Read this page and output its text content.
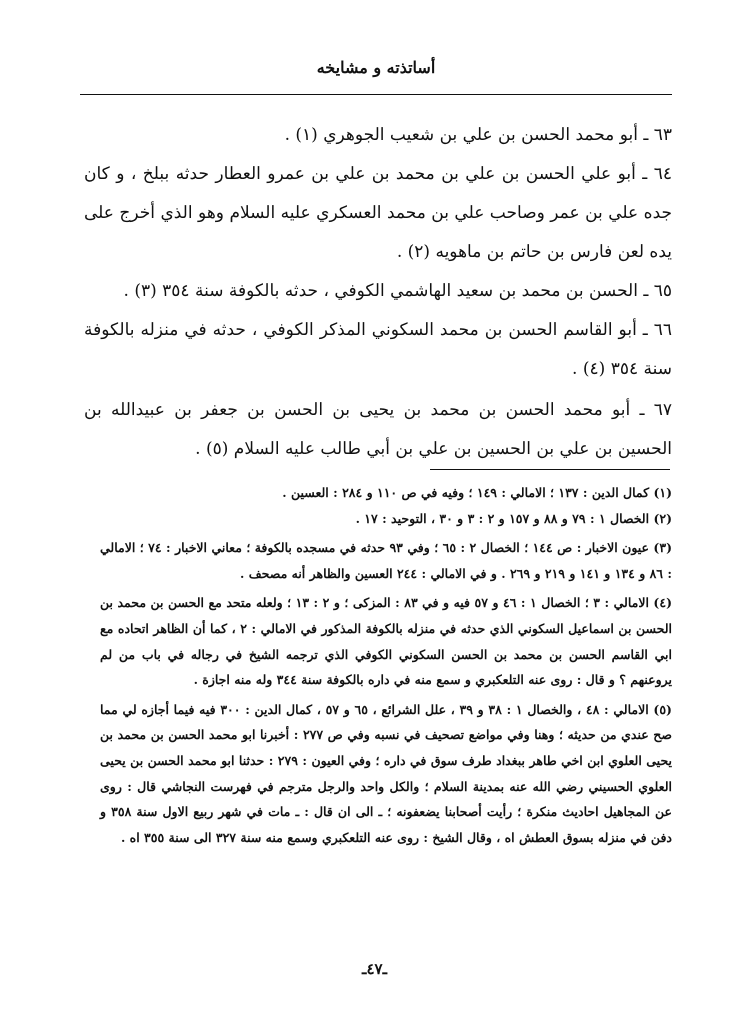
أساتذته و مشايخه

٦٣ ـ أبو محمد الحسن بن علي بن شعيب الجوهري (١) .

٦٤ ـ أبو علي الحسن بن علي بن محمد بن علي بن عمرو العطار حدثه ببلخ ، و كان جده علي بن عمر وصاحب علي بن محمد العسكري عليه السلام وهو الذي أخرج على يده لعن فارس بن حاتم بن ماهويه (٢) .

٦٥ ـ الحسن بن محمد بن سعيد الهاشمي الكوفي ، حدثه بالكوفة سنة ٣٥٤ (٣) .

٦٦ ـ أبو القاسم الحسن بن محمد السكوني المذكر الكوفي ، حدثه في منزله بالكوفة سنة ٣٥٤ (٤) .

٦٧ ـ أبو محمد الحسن بن محمد بن يحيى بن الحسن بن جعفر بن عبيدالله بن الحسين بن علي بن الحسين بن علي بن أبي طالب عليه السلام (٥) .

(١) كمال الدين : ١٣٧ ؛ الامالي : ١٤٩ ؛ وفيه في ص ١١٠ و ٢٨٤ : العسين .

(٢) الخصال ١ : ٧٩ و ٨٨ و ١٥٧ و ٢ : ٣ و ٣٠ ، التوحيد : ١٧ .

(٣) عيون الاخبار : ص ١٤٤ ؛ الخصال ٢ : ٦٥ ؛ وفي ٩٣ حدثه في مسجده بالكوفة ؛ معاني الاخبار : ٧٤ ؛ الامالي : ٨٦ و ١٣٤ و ١٤١ و ٢١٩ و ٢٦٩ . و في الامالي : ٢٤٤ العسين والظاهر أنه مصحف .

(٤) الامالي : ٣ ؛ الخصال ١ : ٤٦ و ٥٧ فيه و في ٨٣ : المزكى ؛ و ٢ : ١٣ ؛ ولعله متحد مع الحسن بن محمد بن الحسن بن اسماعيل السكوني الذي حدثه في منزله بالكوفة المذكور في الامالي : ٢ ، كما أن الظاهر اتحاده مع ابي القاسم الحسن بن محمد بن الحسن السكوني الكوفي الذي ترجمه الشيخ في رجاله في باب من لم يروعنهم ؟ و قال : روى عنه التلعكبري و سمع منه في داره بالكوفة سنة ٣٤٤ وله منه اجازة .

(٥) الامالي : ٤٨ ، والخصال ١ : ٣٨ و ٣٩ ، علل الشرائع ، ٦٥ و ٥٧ ، كمال الدين : ٣٠٠ فيه فيما أجازه لي مما صح عندي من حديثه ؛ وهنا وفي مواضع تصحيف في نسبه وفي ص ٢٧٧ : أخبرنا ابو محمد الحسن بن محمد بن يحيى العلوي ابن اخي طاهر ببغداد طرف سوق في داره ؛ وفي العيون : ٢٧٩ : حدثنا ابو محمد الحسن بن يحيى العلوي الحسيني رضي الله عنه بمدينة السلام ؛ والكل واحد والرجل مترجم في فهرست النجاشي قال : روى عن المجاهيل احاديث منكرة ؛ رأيت أصحابنا يضعفونه ؛ ـ الى ان قال : ـ مات في شهر ربيع الاول سنة ٣٥٨ و دفن في منزله بسوق العطش اه ، وقال الشيخ : روى عنه التلعكبري وسمع منه سنة ٣٢٧ الى سنة ٣٥٥ اه .

ـ٤٧ـ
